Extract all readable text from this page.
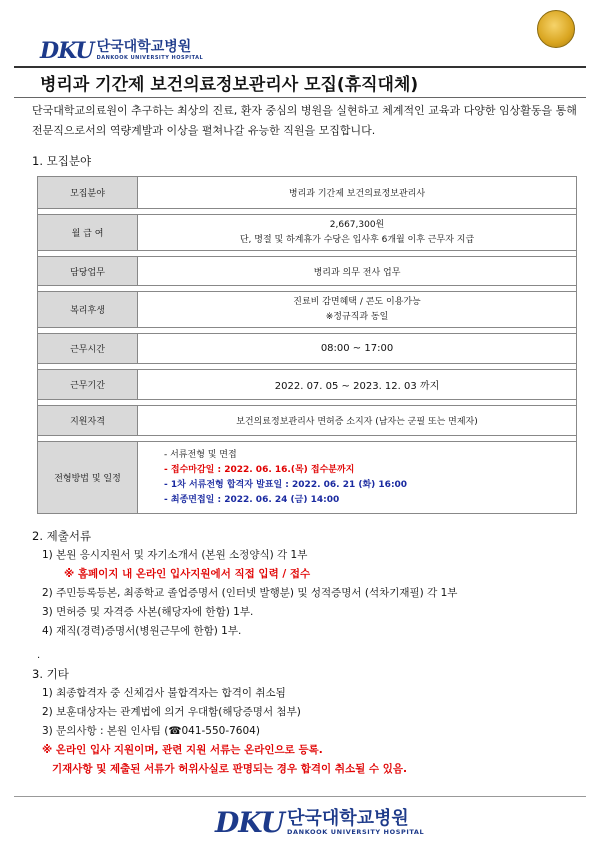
DKU 단국대학교병원
DANKOOK UNIVERSITY HOSPITAL
병리과 기간제 보건의료정보관리사 모집(휴직대체)
단국대학교의료원이 추구하는 최상의 진료, 환자 중심의 병원을 실현하고 체계적인 교육과 다양한 임상활동을 통해 전문직으로서의 역량계발과 이상을 펼쳐나갈 유능한 직원을 모집합니다.
1. 모집분야
모집분야	병리과 기간제 보건의료정보관리사

월 급 여	2,667,300원
단, 명절 및 하계휴가 수당은 입사후 6개월 이후 근무자 지급

담당업무	병리과 의무 전사 업무

복리후생	진료비 감면혜택 / 콘도 이용가능
※정규직과 동일

근무시간	08:00 ~ 17:00

근무기간	2022. 07. 05 ~ 2023. 12. 03 까지

지원자격	보건의료정보관리사 면허증 소지자 (남자는 군필 또는 면제자)

전형방법 및 일정	- 서류전형 및 면접
- 접수마감일 : 2022. 06. 16.(목) 접수분까지
- 1차 서류전형 합격자 발표일 : 2022. 06. 21 (화) 16:00
- 최종면접일 : 2022. 06. 24 (금) 14:00
2. 제출서류
1) 본원 응시지원서 및 자기소개서 (본원 소정양식) 각 1부
※ 홈페이지 내 온라인 입사지원에서 직접 입력 / 접수
2) 주민등록등본, 최종학교 졸업증명서 (인터넷 발행분) 및 성적증명서 (석차기재필) 각 1부
3) 면허증 및 자격증 사본(해당자에 한함) 1부.
4) 재직(경력)증명서(병원근무에 한함) 1부.
.
3. 기타
1) 최종합격자 중 신체검사 불합격자는 합격이 취소됨
2) 보훈대상자는 관계법에 의거 우대함(해당증명서 첨부)
3) 문의사항 : 본원 인사팀 (☎041-550-7604)
※ 온라인 입사 지원이며, 관련 지원 서류는 온라인으로 등록.
기재사항 및 제출된 서류가 허위사실로 판명되는 경우 합격이 취소될 수 있음.
DKU 단국대학교병원
DANKOOK UNIVERSITY HOSPITAL
